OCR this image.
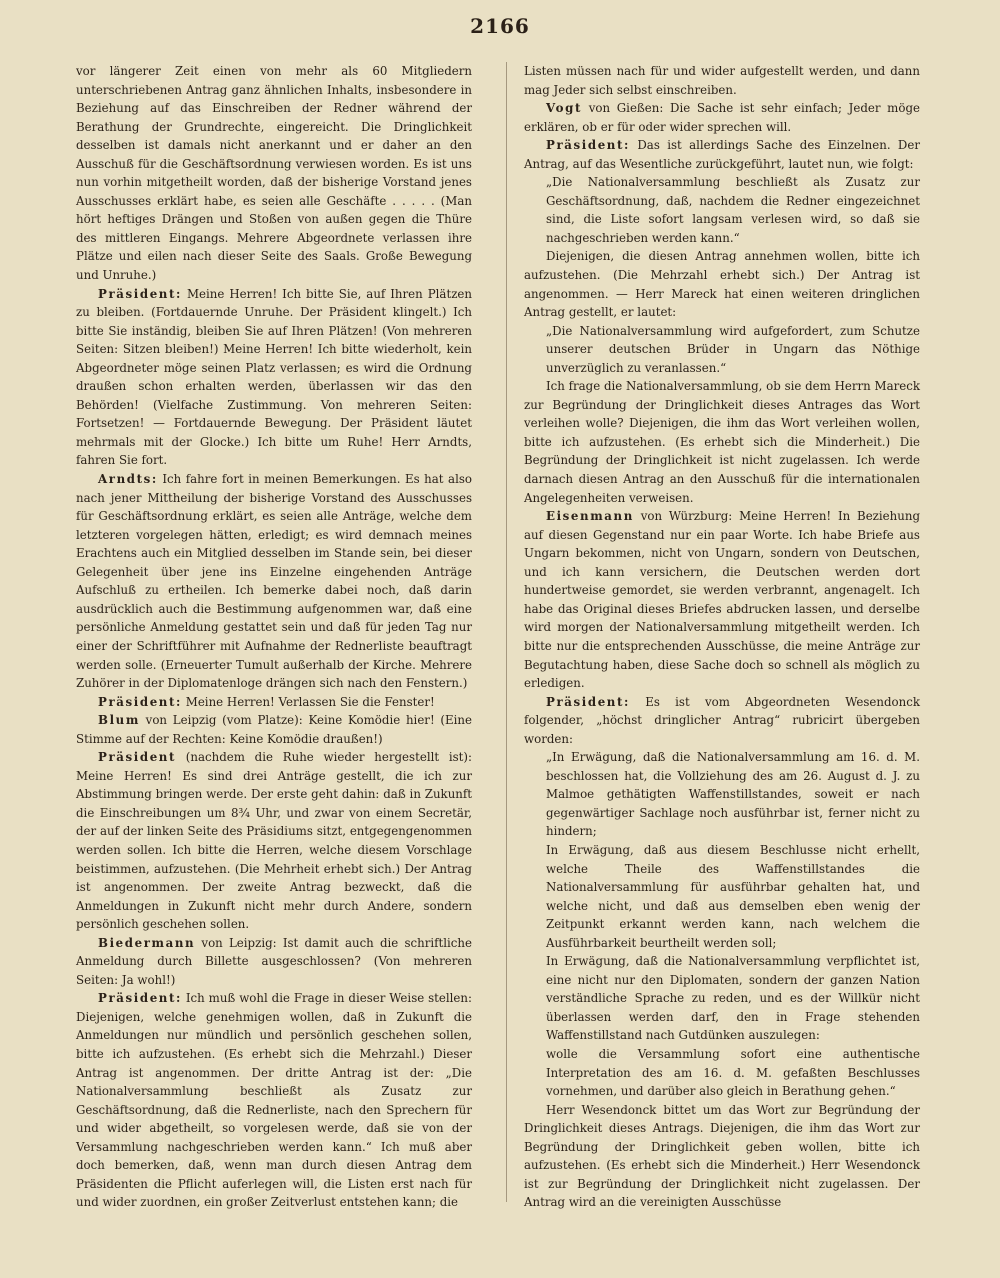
2166

vor längerer Zeit einen von mehr als 60 Mitgliedern unterschriebenen Antrag ganz ähnlichen Inhalts, insbesondere in Beziehung auf das Einschreiben der Redner während der Berathung der Grundrechte, eingereicht. Die Dringlichkeit desselben ist damals nicht anerkannt und er daher an den Ausschuß für die Geschäftsordnung verwiesen worden. Es ist uns nun vorhin mitgetheilt worden, daß der bisherige Vorstand jenes Ausschusses erklärt habe, es seien alle Geschäfte . . . . . (Man hört heftiges Drängen und Stoßen von außen gegen die Thüre des mittleren Eingangs. Mehrere Abgeordnete verlassen ihre Plätze und eilen nach dieser Seite des Saals. Große Bewegung und Unruhe.)

Präsident: Meine Herren! Ich bitte Sie, auf Ihren Plätzen zu bleiben. (Fortdauernde Unruhe. Der Präsident klingelt.) Ich bitte Sie inständig, bleiben Sie auf Ihren Plätzen! (Von mehreren Seiten: Sitzen bleiben!) Meine Herren! Ich bitte wiederholt, kein Abgeordneter möge seinen Platz verlassen; es wird die Ordnung draußen schon erhalten werden, überlassen wir das den Behörden! (Vielfache Zustimmung. Von mehreren Seiten: Fortsetzen! — Fortdauernde Bewegung. Der Präsident läutet mehrmals mit der Glocke.) Ich bitte um Ruhe! Herr Arndts, fahren Sie fort.

Arndts: Ich fahre fort in meinen Bemerkungen. Es hat also nach jener Mittheilung der bisherige Vorstand des Ausschusses für Geschäftsordnung erklärt, es seien alle Anträge, welche dem letzteren vorgelegen hätten, erledigt; es wird demnach meines Erachtens auch ein Mitglied desselben im Stande sein, bei dieser Gelegenheit über jene ins Einzelne eingehenden Anträge Aufschluß zu ertheilen. Ich bemerke dabei noch, daß darin ausdrücklich auch die Bestimmung aufgenommen war, daß eine persönliche Anmeldung gestattet sein und daß für jeden Tag nur einer der Schriftführer mit Aufnahme der Rednerliste beauftragt werden solle. (Erneuerter Tumult außerhalb der Kirche. Mehrere Zuhörer in der Diplomatenloge drängen sich nach den Fenstern.)

Präsident: Meine Herren! Verlassen Sie die Fenster!

Blum von Leipzig (vom Platze): Keine Komödie hier! (Eine Stimme auf der Rechten: Keine Komödie draußen!)

Präsident (nachdem die Ruhe wieder hergestellt ist): Meine Herren! Es sind drei Anträge gestellt, die ich zur Abstimmung bringen werde. Der erste geht dahin: daß in Zukunft die Einschreibungen um 8¾ Uhr, und zwar von einem Secretär, der auf der linken Seite des Präsidiums sitzt, entgegengenommen werden sollen. Ich bitte die Herren, welche diesem Vorschlage beistimmen, aufzustehen. (Die Mehrheit erhebt sich.) Der Antrag ist angenommen. Der zweite Antrag bezweckt, daß die Anmeldungen in Zukunft nicht mehr durch Andere, sondern persönlich geschehen sollen.

Biedermann von Leipzig: Ist damit auch die schriftliche Anmeldung durch Billette ausgeschlossen? (Von mehreren Seiten: Ja wohl!)

Präsident: Ich muß wohl die Frage in dieser Weise stellen: Diejenigen, welche genehmigen wollen, daß in Zukunft die Anmeldungen nur mündlich und persönlich geschehen sollen, bitte ich aufzustehen. (Es erhebt sich die Mehrzahl.) Dieser Antrag ist angenommen. Der dritte Antrag ist der: „Die Nationalversammlung beschließt als Zusatz zur Geschäftsordnung, daß die Rednerliste, nach den Sprechern für und wider abgetheilt, so vorgelesen werde, daß sie von der Versammlung nachgeschrieben werden kann.“ Ich muß aber doch bemerken, daß, wenn man durch diesen Antrag dem Präsidenten die Pflicht auferlegen will, die Listen erst nach für und wider zuordnen, ein großer Zeitverlust entstehen kann; die

Listen müssen nach für und wider aufgestellt werden, und dann mag Jeder sich selbst einschreiben.

Vogt von Gießen: Die Sache ist sehr einfach; Jeder möge erklären, ob er für oder wider sprechen will.

Präsident: Das ist allerdings Sache des Einzelnen. Der Antrag, auf das Wesentliche zurückgeführt, lautet nun, wie folgt:

„Die Nationalversammlung beschließt als Zusatz zur Geschäftsordnung, daß, nachdem die Redner eingezeichnet sind, die Liste sofort langsam verlesen wird, so daß sie nachgeschrieben werden kann.“

Diejenigen, die diesen Antrag annehmen wollen, bitte ich aufzustehen. (Die Mehrzahl erhebt sich.) Der Antrag ist angenommen. — Herr Mareck hat einen weiteren dringlichen Antrag gestellt, er lautet:

„Die Nationalversammlung wird aufgefordert, zum Schutze unserer deutschen Brüder in Ungarn das Nöthige unverzüglich zu veranlassen.“

Ich frage die Nationalversammlung, ob sie dem Herrn Mareck zur Begründung der Dringlichkeit dieses Antrages das Wort verleihen wolle? Diejenigen, die ihm das Wort verleihen wollen, bitte ich aufzustehen. (Es erhebt sich die Minderheit.) Die Begründung der Dringlichkeit ist nicht zugelassen. Ich werde darnach diesen Antrag an den Ausschuß für die internationalen Angelegenheiten verweisen.

Eisenmann von Würzburg: Meine Herren! In Beziehung auf diesen Gegenstand nur ein paar Worte. Ich habe Briefe aus Ungarn bekommen, nicht von Ungarn, sondern von Deutschen, und ich kann versichern, die Deutschen werden dort hundertweise gemordet, sie werden verbrannt, angenagelt. Ich habe das Original dieses Briefes abdrucken lassen, und derselbe wird morgen der Nationalversammlung mitgetheilt werden. Ich bitte nur die entsprechenden Ausschüsse, die meine Anträge zur Begutachtung haben, diese Sache doch so schnell als möglich zu erledigen.

Präsident: Es ist vom Abgeordneten Wesendonck folgender, „höchst dringlicher Antrag“ rubricirt übergeben worden:

„In Erwägung, daß die Nationalversammlung am 16. d. M. beschlossen hat, die Vollziehung des am 26. August d. J. zu Malmoe gethätigten Waffenstillstandes, soweit er nach gegenwärtiger Sachlage noch ausführbar ist, ferner nicht zu hindern;

In Erwägung, daß aus diesem Beschlusse nicht erhellt, welche Theile des Waffenstillstandes die Nationalversammlung für ausführbar gehalten hat, und welche nicht, und daß aus demselben eben wenig der Zeitpunkt erkannt werden kann, nach welchem die Ausführbarkeit beurtheilt werden soll;

In Erwägung, daß die Nationalversammlung verpflichtet ist, eine nicht nur den Diplomaten, sondern der ganzen Nation verständliche Sprache zu reden, und es der Willkür nicht überlassen werden darf, den in Frage stehenden Waffenstillstand nach Gutdünken auszulegen:

wolle die Versammlung sofort eine authentische Interpretation des am 16. d. M. gefaßten Beschlusses vornehmen, und darüber also gleich in Berathung gehen.“

Herr Wesendonck bittet um das Wort zur Begründung der Dringlichkeit dieses Antrags. Diejenigen, die ihm das Wort zur Begründung der Dringlichkeit geben wollen, bitte ich aufzustehen. (Es erhebt sich die Minderheit.) Herr Wesendonck ist zur Begründung der Dringlichkeit nicht zugelassen. Der Antrag wird an die vereinigten Ausschüsse
